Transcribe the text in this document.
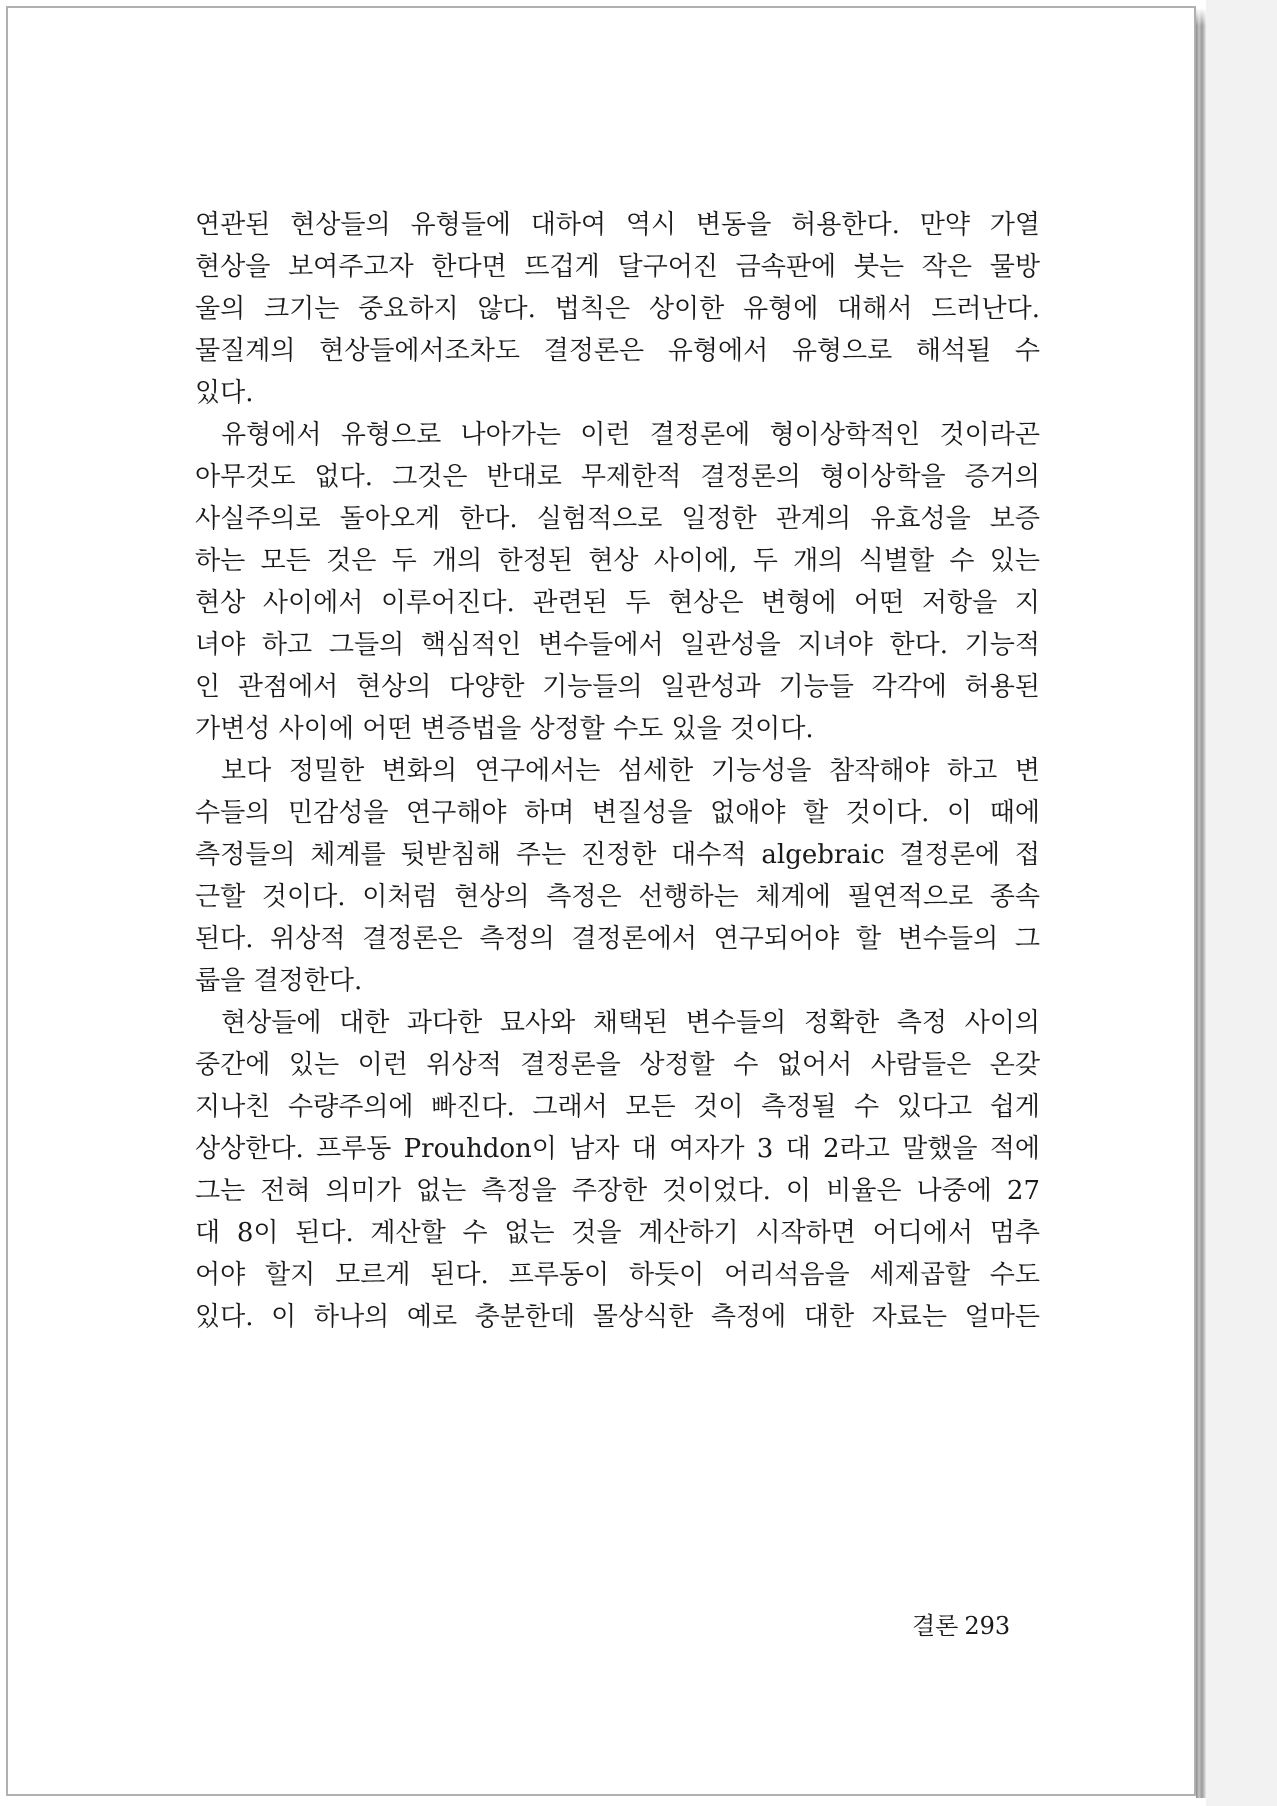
연관된 현상들의 유형들에 대하여 역시 변동을 허용한다. 만약 가열
현상을 보여주고자 한다면 뜨겁게 달구어진 금속판에 붓는 작은 물방
울의 크기는 중요하지 않다. 법칙은 상이한 유형에 대해서 드러난다.
물질계의 현상들에서조차도 결정론은 유형에서 유형으로 해석될 수
있다.
유형에서 유형으로 나아가는 이런 결정론에 형이상학적인 것이라곤
아무것도 없다. 그것은 반대로 무제한적 결정론의 형이상학을 증거의
사실주의로 돌아오게 한다. 실험적으로 일정한 관계의 유효성을 보증
하는 모든 것은 두 개의 한정된 현상 사이에, 두 개의 식별할 수 있는
현상 사이에서 이루어진다. 관련된 두 현상은 변형에 어떤 저항을 지
녀야 하고 그들의 핵심적인 변수들에서 일관성을 지녀야 한다. 기능적
인 관점에서 현상의 다양한 기능들의 일관성과 기능들 각각에 허용된
가변성 사이에 어떤 변증법을 상정할 수도 있을 것이다.
보다 정밀한 변화의 연구에서는 섬세한 기능성을 참작해야 하고 변
수들의 민감성을 연구해야 하며 변질성을 없애야 할 것이다. 이 때에
측정들의 체계를 뒷받침해 주는 진정한 대수적 algebraic 결정론에 접
근할 것이다. 이처럼 현상의 측정은 선행하는 체계에 필연적으로 종속
된다. 위상적 결정론은 측정의 결정론에서 연구되어야 할 변수들의 그
룹을 결정한다.
현상들에 대한 과다한 묘사와 채택된 변수들의 정확한 측정 사이의
중간에 있는 이런 위상적 결정론을 상정할 수 없어서 사람들은 온갖
지나친 수량주의에 빠진다. 그래서 모든 것이 측정될 수 있다고 쉽게
상상한다. 프루동 Prouhdon이 남자 대 여자가 3 대 2라고 말했을 적에
그는 전혀 의미가 없는 측정을 주장한 것이었다. 이 비율은 나중에 27
대 8이 된다. 계산할 수 없는 것을 계산하기 시작하면 어디에서 멈추
어야 할지 모르게 된다. 프루동이 하듯이 어리석음을 세제곱할 수도
있다. 이 하나의 예로 충분한데 몰상식한 측정에 대한 자료는 얼마든
결론 293
